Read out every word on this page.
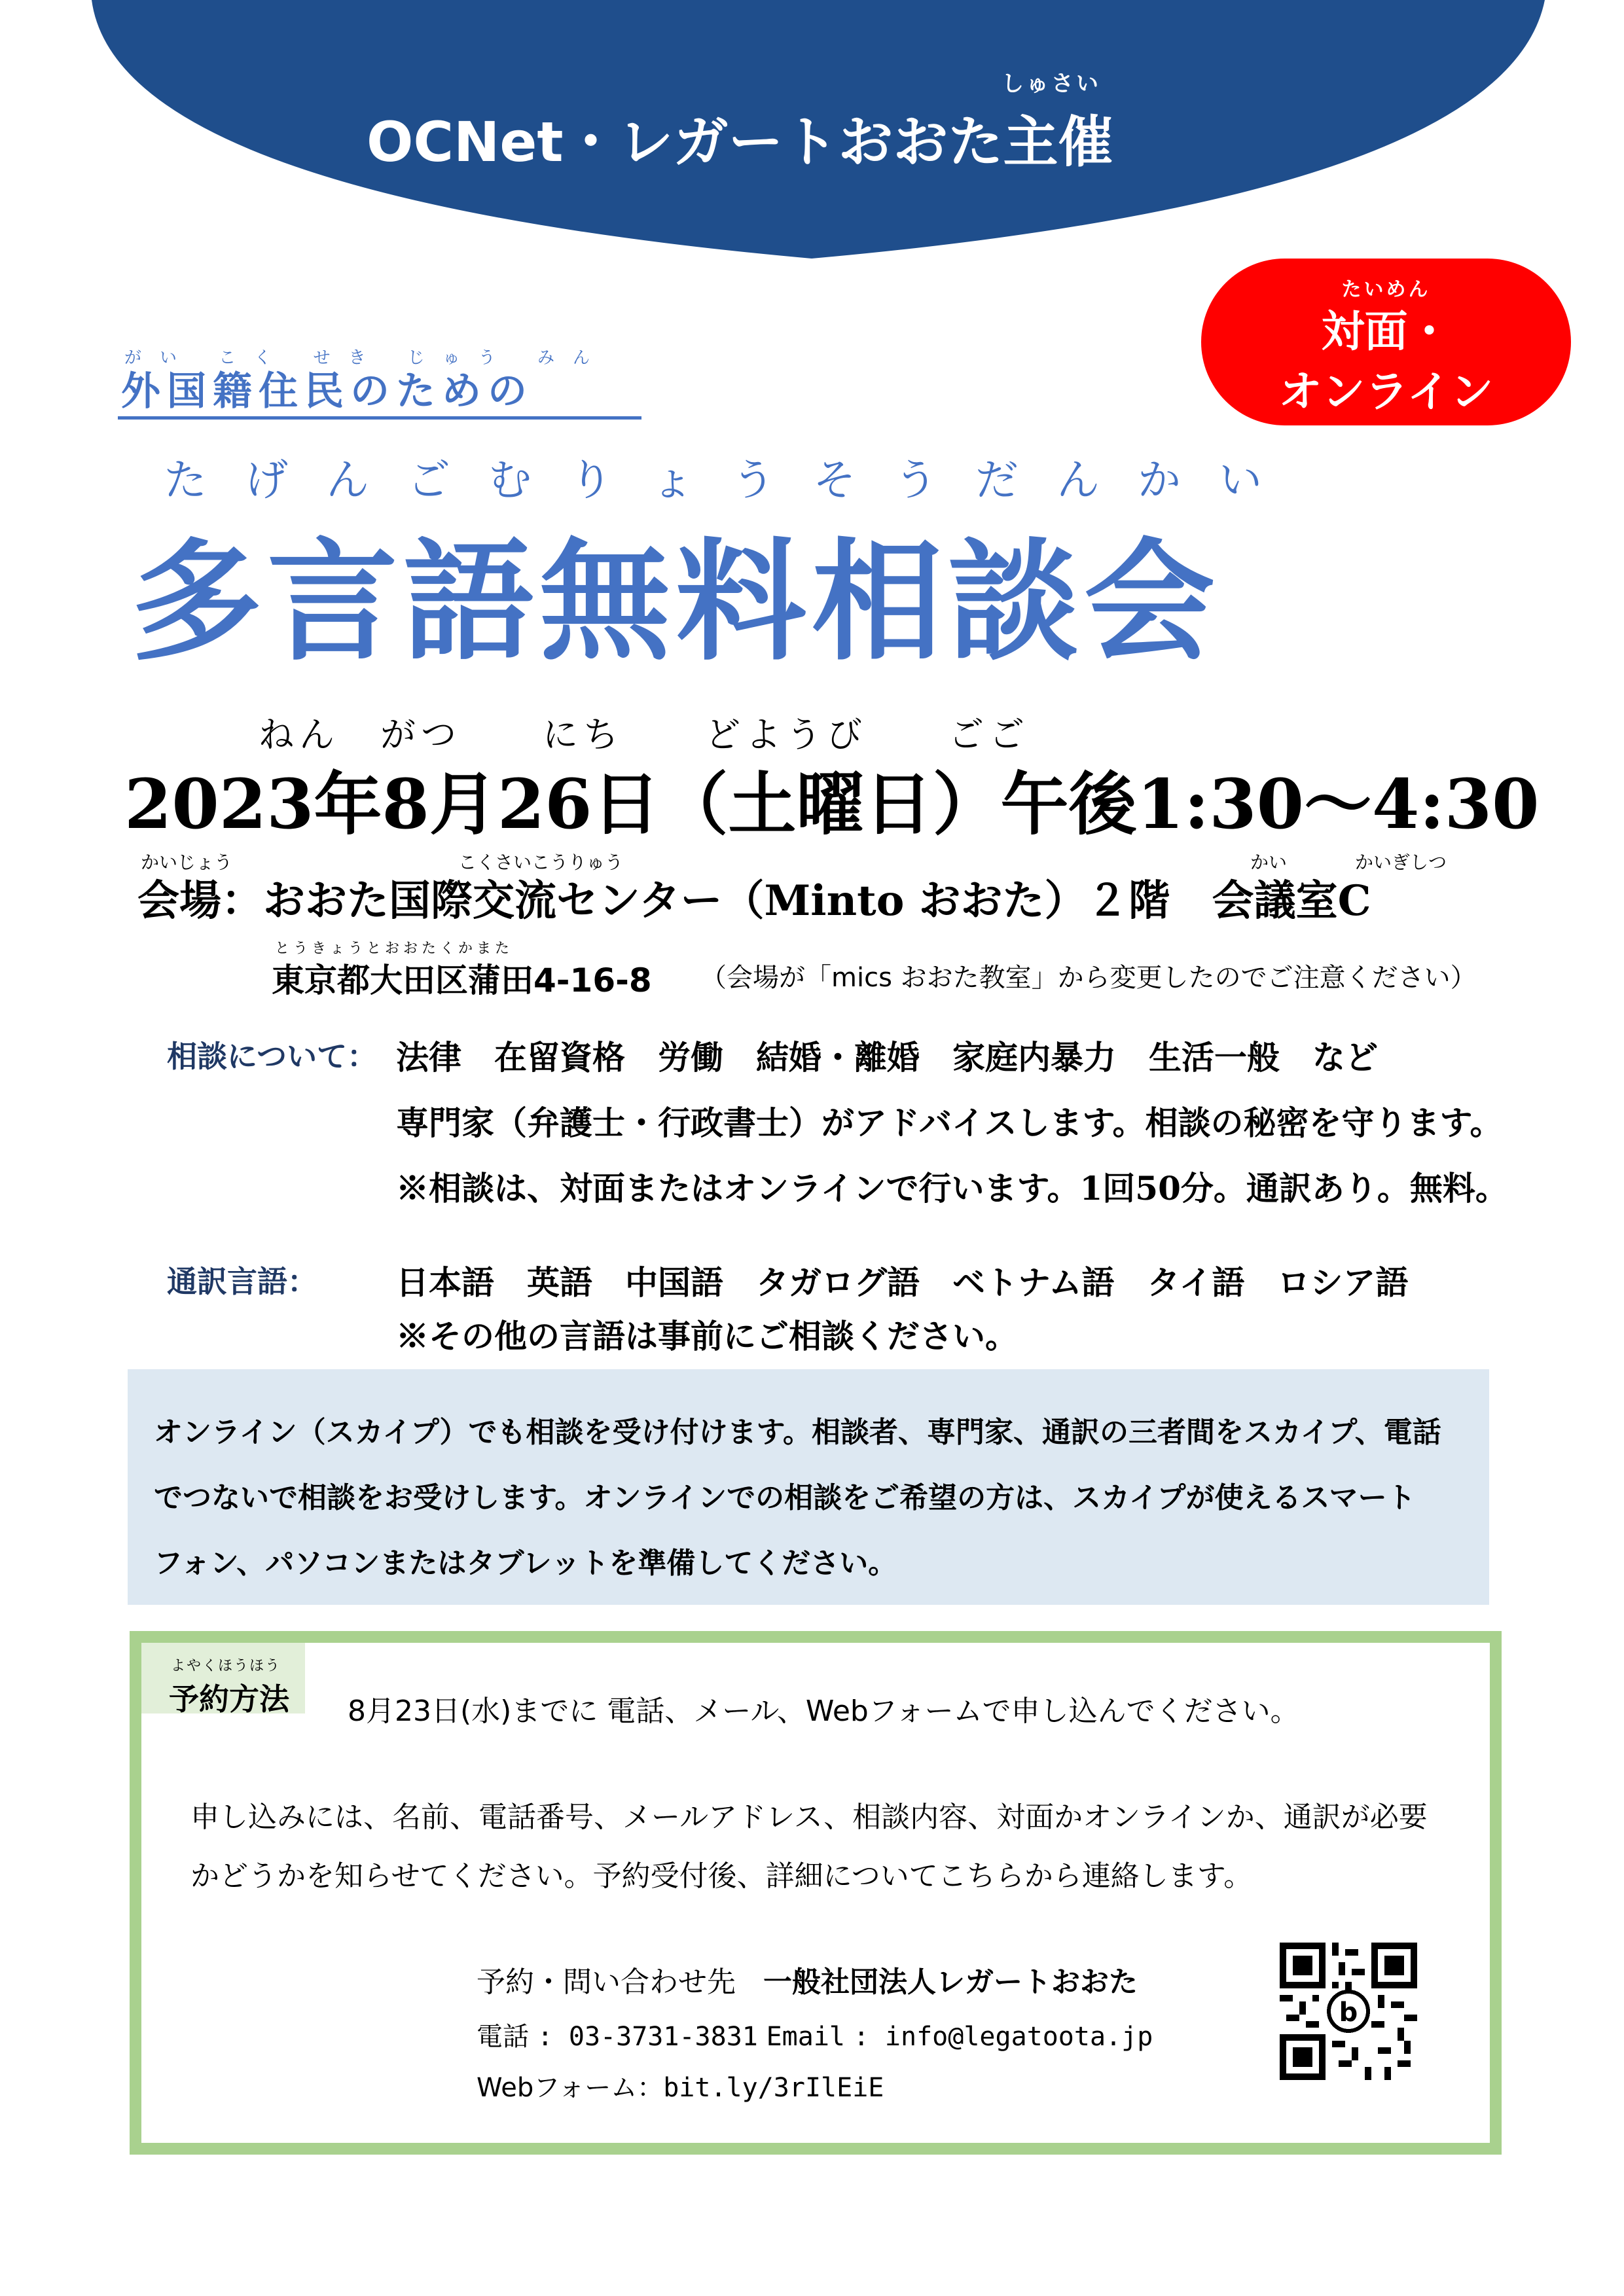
しゅさい
OCNet・レガートおおた主催
たいめん
対面・
オンライン
がい こく せき じゅう みん
外国籍住民のための
たげんごむりょうそうだんかい
多言語無料相談会
ねん　がつ　　にち　　どようび　　ごご
2023年8月26日（土曜日）午後1:30～4:30
かいじょう	こくさいこうりゅう	かい	かいぎしつ
会場：おおた国際交流センター（Minto おおた）２階　会議室C
とうきょうとおおたくかまた
東京都大田区蒲田4-16-8 （会場が「mics おおた教室」から変更したのでご注意ください）
相談について： 法律　在留資格　労働　結婚・離婚　家庭内暴力　生活一般　など
専門家（弁護士・行政書士）がアドバイスします。相談の秘密を守ります。
※相談は、対面またはオンラインで行います。1回50分。通訳あり。無料。
通訳言語： 日本語　英語　中国語　タガログ語　ベトナム語　タイ語　ロシア語
※その他の言語は事前にご相談ください。
オンライン（スカイプ）でも相談を受け付けます。相談者、専門家、通訳の三者間をスカイプ、電話
でつないで相談をお受けします。オンラインでの相談をご希望の方は、スカイプが使えるスマート
フォン、パソコンまたはタブレットを準備してください。
よやくほうほう
予約方法 8月23日(水)までに 電話、メール、Webフォームで申し込んでください。
申し込みには、名前、電話番号、メールアドレス、相談内容、対面かオンラインか、通訳が必要
かどうかを知らせてください。予約受付後、詳細についてこちらから連絡します。
予約・問い合わせ先 一般社団法人レガートおおた
電話 : 03-3731-3831 Email : info@legatoota.jp
Webフォーム：bit.ly/3rIlEiE
b
